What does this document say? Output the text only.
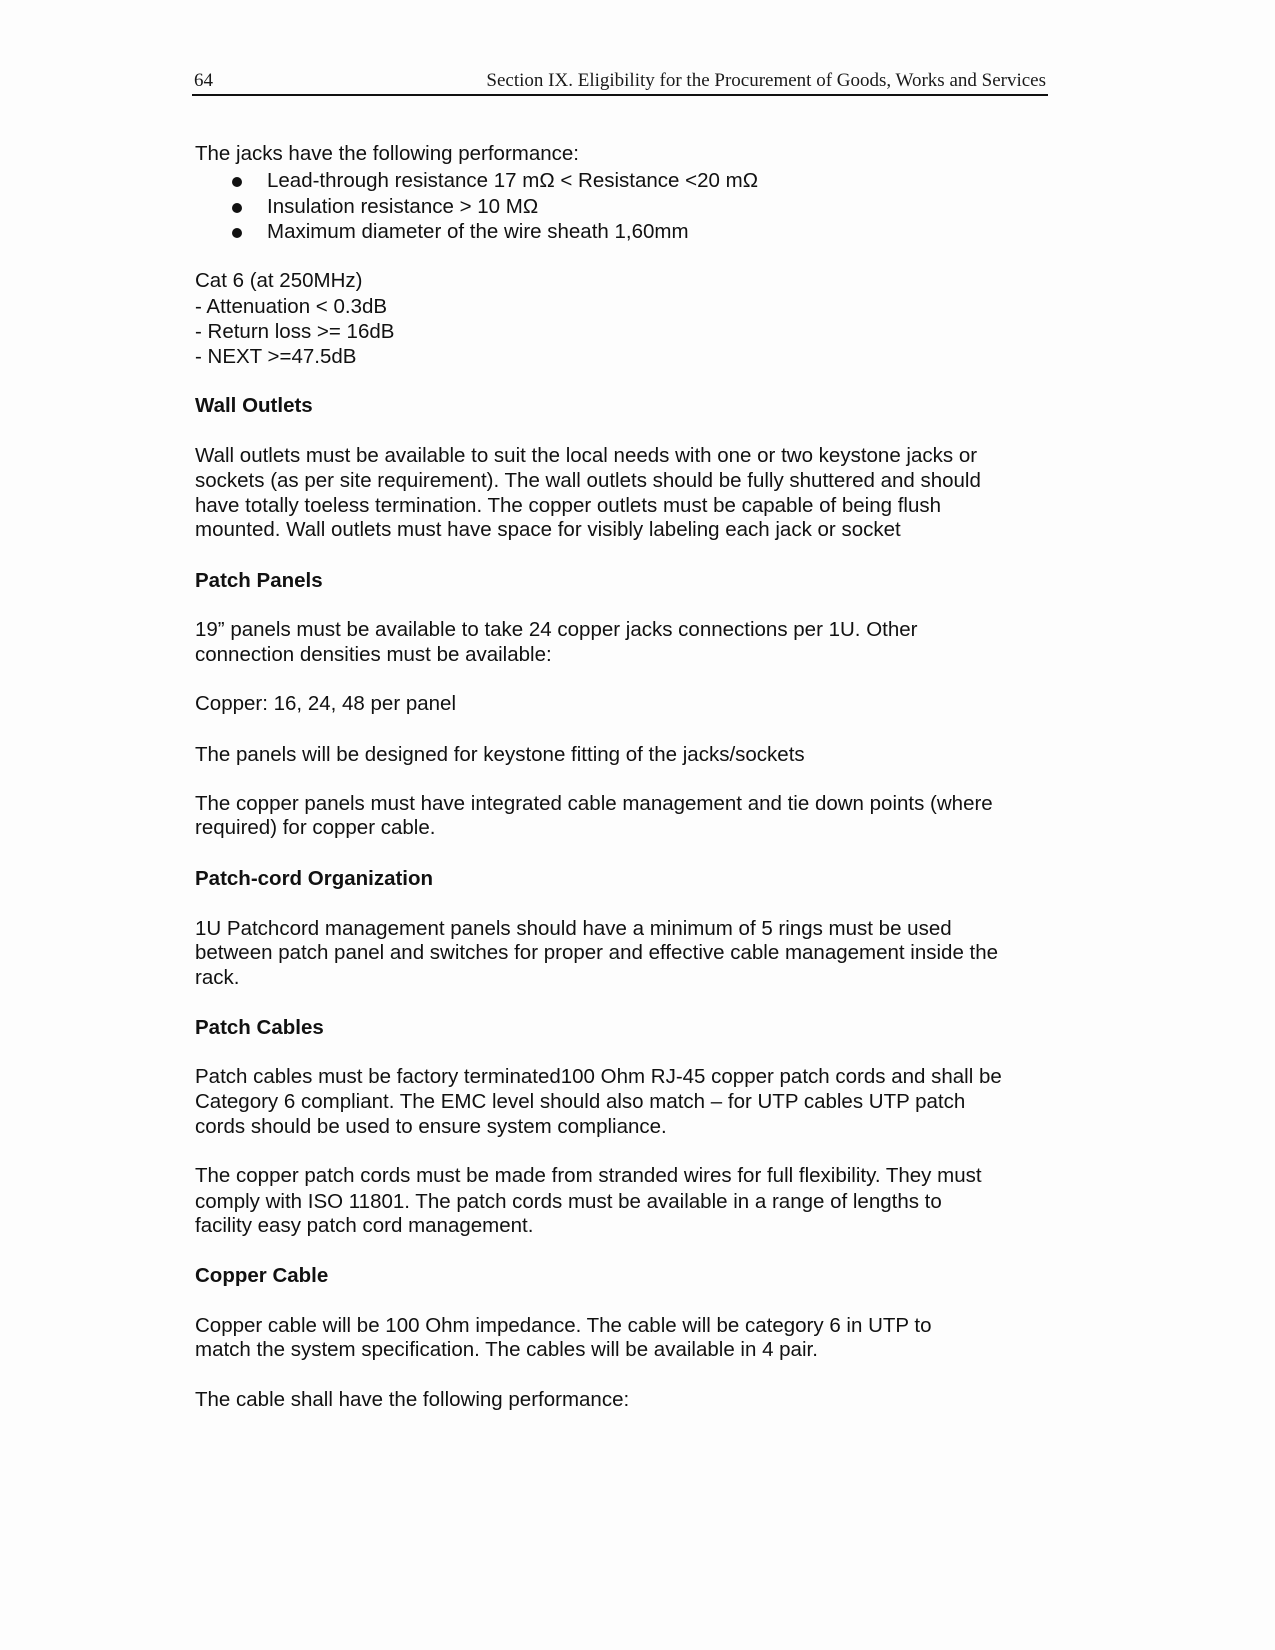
64	Section IX. Eligibility for the Procurement of Goods, Works and Services
The jacks have the following performance:
Lead-through resistance 17 mΩ < Resistance <20 mΩ
Insulation resistance > 10 MΩ
Maximum diameter of the wire sheath 1,60mm
Cat 6 (at 250MHz)
- Attenuation < 0.3dB
- Return loss >= 16dB
- NEXT >=47.5dB
Wall Outlets
Wall outlets must be available to suit the local needs with one or two keystone jacks or
sockets (as per site requirement). The wall outlets should be fully shuttered and should
have totally toeless termination. The copper outlets must be capable of being flush
mounted. Wall outlets must have space for visibly labeling each jack or socket
Patch Panels
19” panels must be available to take 24 copper jacks connections per 1U. Other
connection densities must be available:
Copper: 16, 24, 48 per panel
The panels will be designed for keystone fitting of the jacks/sockets
The copper panels must have integrated cable management and tie down points (where
required) for copper cable.
Patch-cord Organization
1U Patchcord management panels should have a minimum of 5 rings must be used
between patch panel and switches for proper and effective cable management inside the
rack.
Patch Cables
Patch cables must be factory terminated100 Ohm RJ-45 copper patch cords and shall be
Category 6 compliant. The EMC level should also match – for UTP cables UTP patch
cords should be used to ensure system compliance.
The copper patch cords must be made from stranded wires for full flexibility. They must
comply with ISO 11801. The patch cords must be available in a range of lengths to
facility easy patch cord management.
Copper Cable
Copper cable will be 100 Ohm impedance. The cable will be category 6 in UTP to
match the system specification. The cables will be available in 4 pair.
The cable shall have the following performance:
